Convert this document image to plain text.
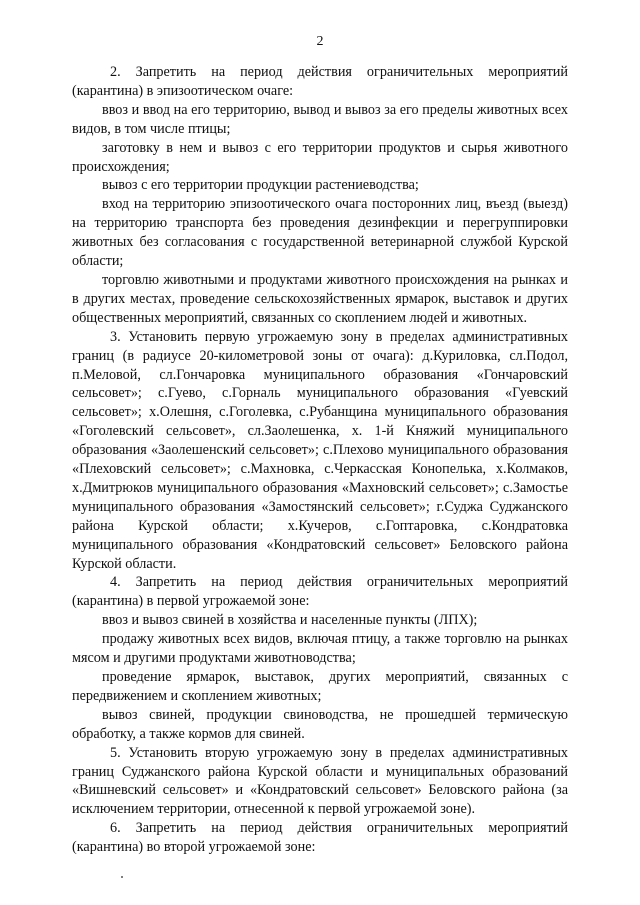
2

2. Запретить на период действия ограничительных мероприятий (карантина) в эпизоотическом очаге:

ввоз и ввод на его территорию, вывод и вывоз за его пределы животных всех видов, в том числе птицы;

заготовку в нем и вывоз с его территории продуктов и сырья животного происхождения;

вывоз с его территории продукции растениеводства;

вход на территорию эпизоотического очага посторонних лиц, въезд (выезд) на территорию транспорта без проведения дезинфекции и перегруппировки животных без согласования с государственной ветеринарной службой Курской области;

торговлю животными и продуктами животного происхождения на рынках и в других местах, проведение сельскохозяйственных ярмарок, выставок и других общественных мероприятий, связанных со скоплением людей и животных.

3. Установить первую угрожаемую зону в пределах административных границ (в радиусе 20-километровой зоны от очага): д.Куриловка, сл.Подол, п.Меловой, сл.Гончаровка муниципального образования «Гончаровский сельсовет»; с.Гуево, с.Горналь муниципального образования «Гуевский сельсовет»; х.Олешня, с.Гоголевка, с.Рубанщина муниципального образования «Гоголевский сельсовет», сл.Заолешенка, х. 1-й Княжий муниципального образования «Заолешенский сельсовет»; с.Плехово муниципального образования «Плеховский сельсовет»; с.Махновка, с.Черкасская Конопелька, х.Колмаков, х.Дмитрюков муниципального образования «Махновский сельсовет»; с.Замостье муниципального образования «Замостянский сельсовет»; г.Суджа Суджанского района Курской области; х.Кучеров, с.Гоптаровка, с.Кондратовка муниципального образования «Кондратовский сельсовет» Беловского района Курской области.

4. Запретить на период действия ограничительных мероприятий (карантина) в первой угрожаемой зоне:

ввоз и вывоз свиней в хозяйства и населенные пункты (ЛПХ);

продажу животных всех видов, включая птицу, а также торговлю на рынках мясом и другими продуктами животноводства;

проведение ярмарок, выставок, других мероприятий, связанных с передвижением и скоплением животных;

вывоз свиней, продукции свиноводства, не прошедшей термическую обработку, а также кормов для свиней.

5. Установить вторую угрожаемую зону в пределах административных границ Суджанского района Курской области и муниципальных образований «Вишневский сельсовет» и «Кондратовский сельсовет» Беловского района (за исключением территории, отнесенной к первой угрожаемой зоне).

6. Запретить на период действия ограничительных мероприятий (карантина) во второй угрожаемой зоне:
